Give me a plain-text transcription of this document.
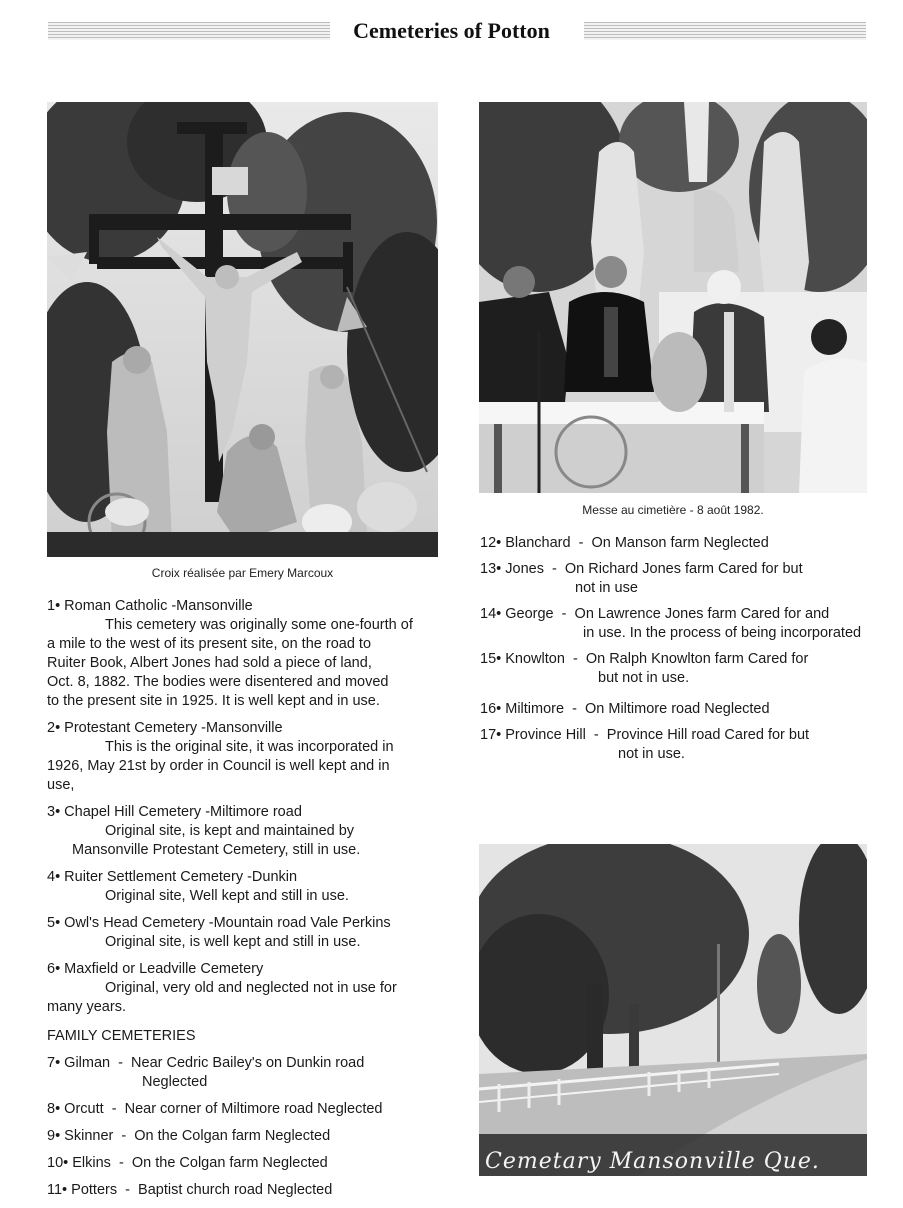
Cemeteries of Potton
Croix réalisée par Emery Marcoux
Messe au cimetière - 8 août 1982.
Cemetary Mansonville Que.
1• Roman Catholic -Mansonville
This cemetery was originally some one-fourth of
a mile to the west of its present site, on the road to
Ruiter Book, Albert Jones had sold a piece of land,
Oct. 8, 1882. The bodies were disentered and moved
to the present site in 1925. It is well kept and in use.
2• Protestant Cemetery -Mansonville
This is the original site, it was incorporated in
1926, May 21st by order in Council is well kept and in
use,
3• Chapel Hill Cemetery -Miltimore road
Original site, is kept and maintained by
Mansonville Protestant Cemetery, still in use.
4• Ruiter Settlement Cemetery -Dunkin
Original site, Well kept and still in use.
5• Owl's Head Cemetery -Mountain road Vale Perkins
Original site, is well kept and still in use.
6• Maxfield or Leadville Cemetery
Original, very old and neglected not in use for
many years.
FAMILY CEMETERIES
7• Gilman  -  Near Cedric Bailey's on Dunkin road
Neglected
8• Orcutt  -  Near corner of Miltimore road Neglected
9• Skinner  -  On the Colgan farm Neglected
10• Elkins  -  On the Colgan farm Neglected
11• Potters  -  Baptist church road Neglected
12• Blanchard  -  On Manson farm Neglected
13• Jones  -  On Richard Jones farm Cared for but
not in use
14• George  -  On Lawrence Jones farm Cared for and
in use. In the process of being incorporated
15• Knowlton  -  On Ralph Knowlton farm Cared for
but not in use.
16• Miltimore  -  On Miltimore road Neglected
17• Province Hill  -  Province Hill road Cared for but
not in use.
